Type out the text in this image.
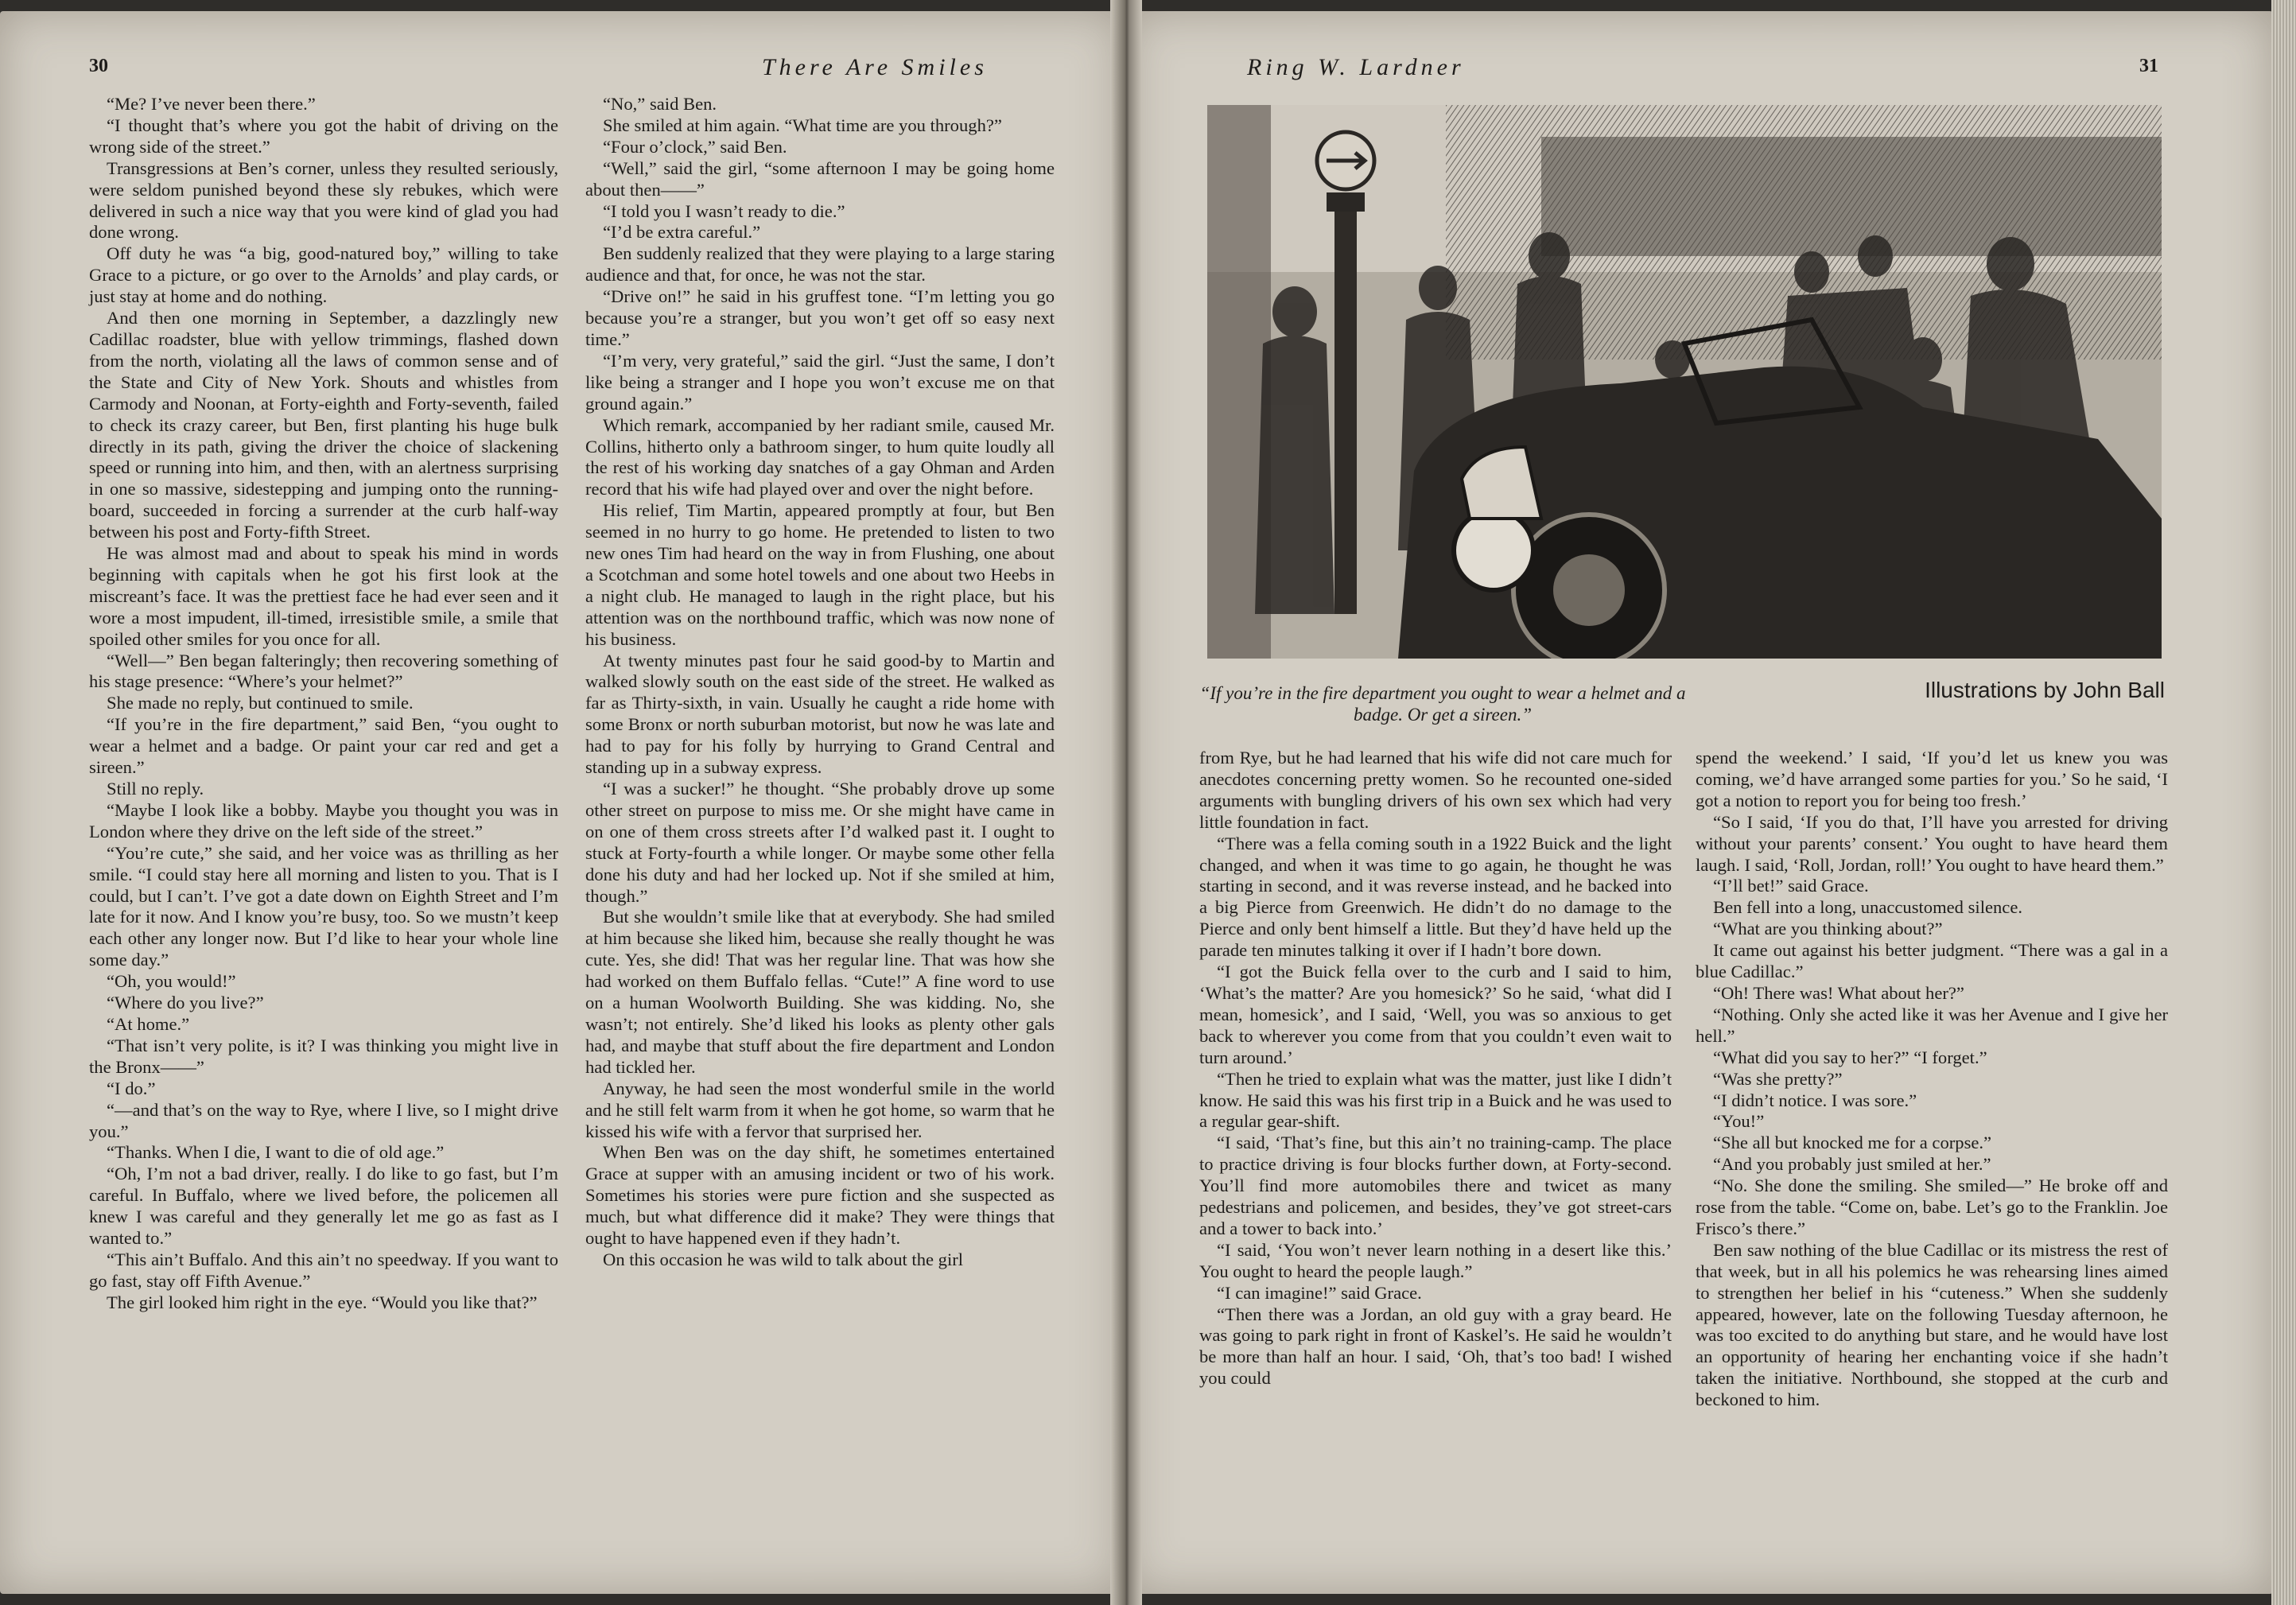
30	There Are Smiles	Ring W. Lardner	31

“Me? I’ve never been there.”

“I thought that’s where you got the habit of driving on the wrong side of the street.”

Transgressions at Ben’s corner, unless they resulted seriously, were seldom punished beyond these sly rebukes, which were delivered in such a nice way that you were kind of glad you had done wrong.

Off duty he was “a big, good-natured boy,” willing to take Grace to a picture, or go over to the Arnolds’ and play cards, or just stay at home and do nothing.

And then one morning in September, a dazzlingly new Cadillac roadster, blue with yellow trimmings, flashed down from the north, violating all the laws of common sense and of the State and City of New York. Shouts and whistles from Carmody and Noonan, at Forty-eighth and Forty-seventh, failed to check its crazy career, but Ben, first planting his huge bulk directly in its path, giving the driver the choice of slackening speed or running into him, and then, with an alertness surprising in one so massive, sidestepping and jumping onto the running-board, succeeded in forcing a surrender at the curb half-way between his post and Forty-fifth Street.

He was almost mad and about to speak his mind in words beginning with capitals when he got his first look at the miscreant’s face. It was the prettiest face he had ever seen and it wore a most impudent, ill-timed, irresistible smile, a smile that spoiled other smiles for you once for all.

“Well—” Ben began falteringly; then recovering something of his stage presence: “Where’s your helmet?”

She made no reply, but continued to smile.

“If you’re in the fire department,” said Ben, “you ought to wear a helmet and a badge. Or paint your car red and get a sireen.”

Still no reply.

“Maybe I look like a bobby. Maybe you thought you was in London where they drive on the left side of the street.”

“You’re cute,” she said, and her voice was as thrilling as her smile. “I could stay here all morning and listen to you. That is I could, but I can’t. I’ve got a date down on Eighth Street and I’m late for it now. And I know you’re busy, too. So we mustn’t keep each other any longer now. But I’d like to hear your whole line some day.”

“Oh, you would!”

“Where do you live?”

“At home.”

“That isn’t very polite, is it? I was thinking you might live in the Bronx——”

“I do.”

“—and that’s on the way to Rye, where I live, so I might drive you.”

“Thanks. When I die, I want to die of old age.”

“Oh, I’m not a bad driver, really. I do like to go fast, but I’m careful. In Buffalo, where we lived before, the policemen all knew I was careful and they generally let me go as fast as I wanted to.”

“This ain’t Buffalo. And this ain’t no speedway. If you want to go fast, stay off Fifth Avenue.”

The girl looked him right in the eye. “Would you like that?”

“No,” said Ben.

She smiled at him again. “What time are you through?”

“Four o’clock,” said Ben.

“Well,” said the girl, “some afternoon I may be going home about then——”

“I told you I wasn’t ready to die.”

“I’d be extra careful.”

Ben suddenly realized that they were playing to a large staring audience and that, for once, he was not the star.

“Drive on!” he said in his gruffest tone. “I’m letting you go because you’re a stranger, but you won’t get off so easy next time.”

“I’m very, very grateful,” said the girl. “Just the same, I don’t like being a stranger and I hope you won’t excuse me on that ground again.”

Which remark, accompanied by her radiant smile, caused Mr. Collins, hitherto only a bathroom singer, to hum quite loudly all the rest of his working day snatches of a gay Ohman and Arden record that his wife had played over and over the night before.

His relief, Tim Martin, appeared promptly at four, but Ben seemed in no hurry to go home. He pretended to listen to two new ones Tim had heard on the way in from Flushing, one about a Scotchman and some hotel towels and one about two Heebs in a night club. He managed to laugh in the right place, but his attention was on the northbound traffic, which was now none of his business.

At twenty minutes past four he said good-by to Martin and walked slowly south on the east side of the street. He walked as far as Thirty-sixth, in vain. Usually he caught a ride home with some Bronx or north suburban motorist, but now he was late and had to pay for his folly by hurrying to Grand Central and standing up in a subway express.

“I was a sucker!” he thought. “She probably drove up some other street on purpose to miss me. Or she might have came in on one of them cross streets after I’d walked past it. I ought to stuck at Forty-fourth a while longer. Or maybe some other fella done his duty and had her locked up. Not if she smiled at him, though.”

But she wouldn’t smile like that at everybody. She had smiled at him because she liked him, because she really thought he was cute. Yes, she did! That was her regular line. That was how she had worked on them Buffalo fellas. “Cute!” A fine word to use on a human Woolworth Building. She was kidding. No, she wasn’t; not entirely. She’d liked his looks as plenty other gals had, and maybe that stuff about the fire department and London had tickled her.

Anyway, he had seen the most wonderful smile in the world and he still felt warm from it when he got home, so warm that he kissed his wife with a fervor that surprised her.

When Ben was on the day shift, he sometimes entertained Grace at supper with an amusing incident or two of his work. Sometimes his stories were pure fiction and she suspected as much, but what difference did it make? They were things that ought to have happened even if they hadn’t.

On this occasion he was wild to talk about the girl

“If you’re in the fire department you ought to wear a helmet and a badge. Or get a sireen.”
Illustrations by John Ball

from Rye, but he had learned that his wife did not care much for anecdotes concerning pretty women. So he recounted one-sided arguments with bungling drivers of his own sex which had very little foundation in fact.

“There was a fella coming south in a 1922 Buick and the light changed, and when it was time to go again, he thought he was starting in second, and it was reverse instead, and he backed into a big Pierce from Greenwich. He didn’t do no damage to the Pierce and only bent himself a little. But they’d have held up the parade ten minutes talking it over if I hadn’t bore down.

“I got the Buick fella over to the curb and I said to him, ‘What’s the matter? Are you homesick?’ So he said, ‘what did I mean, homesick’, and I said, ‘Well, you was so anxious to get back to wherever you come from that you couldn’t even wait to turn around.’

“Then he tried to explain what was the matter, just like I didn’t know. He said this was his first trip in a Buick and he was used to a regular gear-shift.

“I said, ‘That’s fine, but this ain’t no training-camp. The place to practice driving is four blocks further down, at Forty-second. You’ll find more automobiles there and twicet as many pedestrians and policemen, and besides, they’ve got street-cars and a tower to back into.’

“I said, ‘You won’t never learn nothing in a desert like this.’ You ought to heard the people laugh.”

“I can imagine!” said Grace.

“Then there was a Jordan, an old guy with a gray beard. He was going to park right in front of Kaskel’s. He said he wouldn’t be more than half an hour. I said, ‘Oh, that’s too bad! I wished you could

spend the weekend.’ I said, ‘If you’d let us knew you was coming, we’d have arranged some parties for you.’ So he said, ‘I got a notion to report you for being too fresh.’

“So I said, ‘If you do that, I’ll have you arrested for driving without your parents’ consent.’ You ought to have heard them laugh. I said, ‘Roll, Jordan, roll!’ You ought to have heard them.”

“I’ll bet!” said Grace.

Ben fell into a long, unaccustomed silence.

“What are you thinking about?”

It came out against his better judgment. “There was a gal in a blue Cadillac.”

“Oh! There was! What about her?”

“Nothing. Only she acted like it was her Avenue and I give her hell.”

“What did you say to her?” “I forget.”

“Was she pretty?”

“I didn’t notice. I was sore.”

“You!”

“She all but knocked me for a corpse.”

“And you probably just smiled at her.”

“No. She done the smiling. She smiled—” He broke off and rose from the table. “Come on, babe. Let’s go to the Franklin. Joe Frisco’s there.”

Ben saw nothing of the blue Cadillac or its mistress the rest of that week, but in all his polemics he was rehearsing lines aimed to strengthen her belief in his “cuteness.” When she suddenly appeared, however, late on the following Tuesday afternoon, he was too excited to do anything but stare, and he would have lost an opportunity of hearing her enchanting voice if she hadn’t taken the initiative. Northbound, she stopped at the curb and beckoned to him.
